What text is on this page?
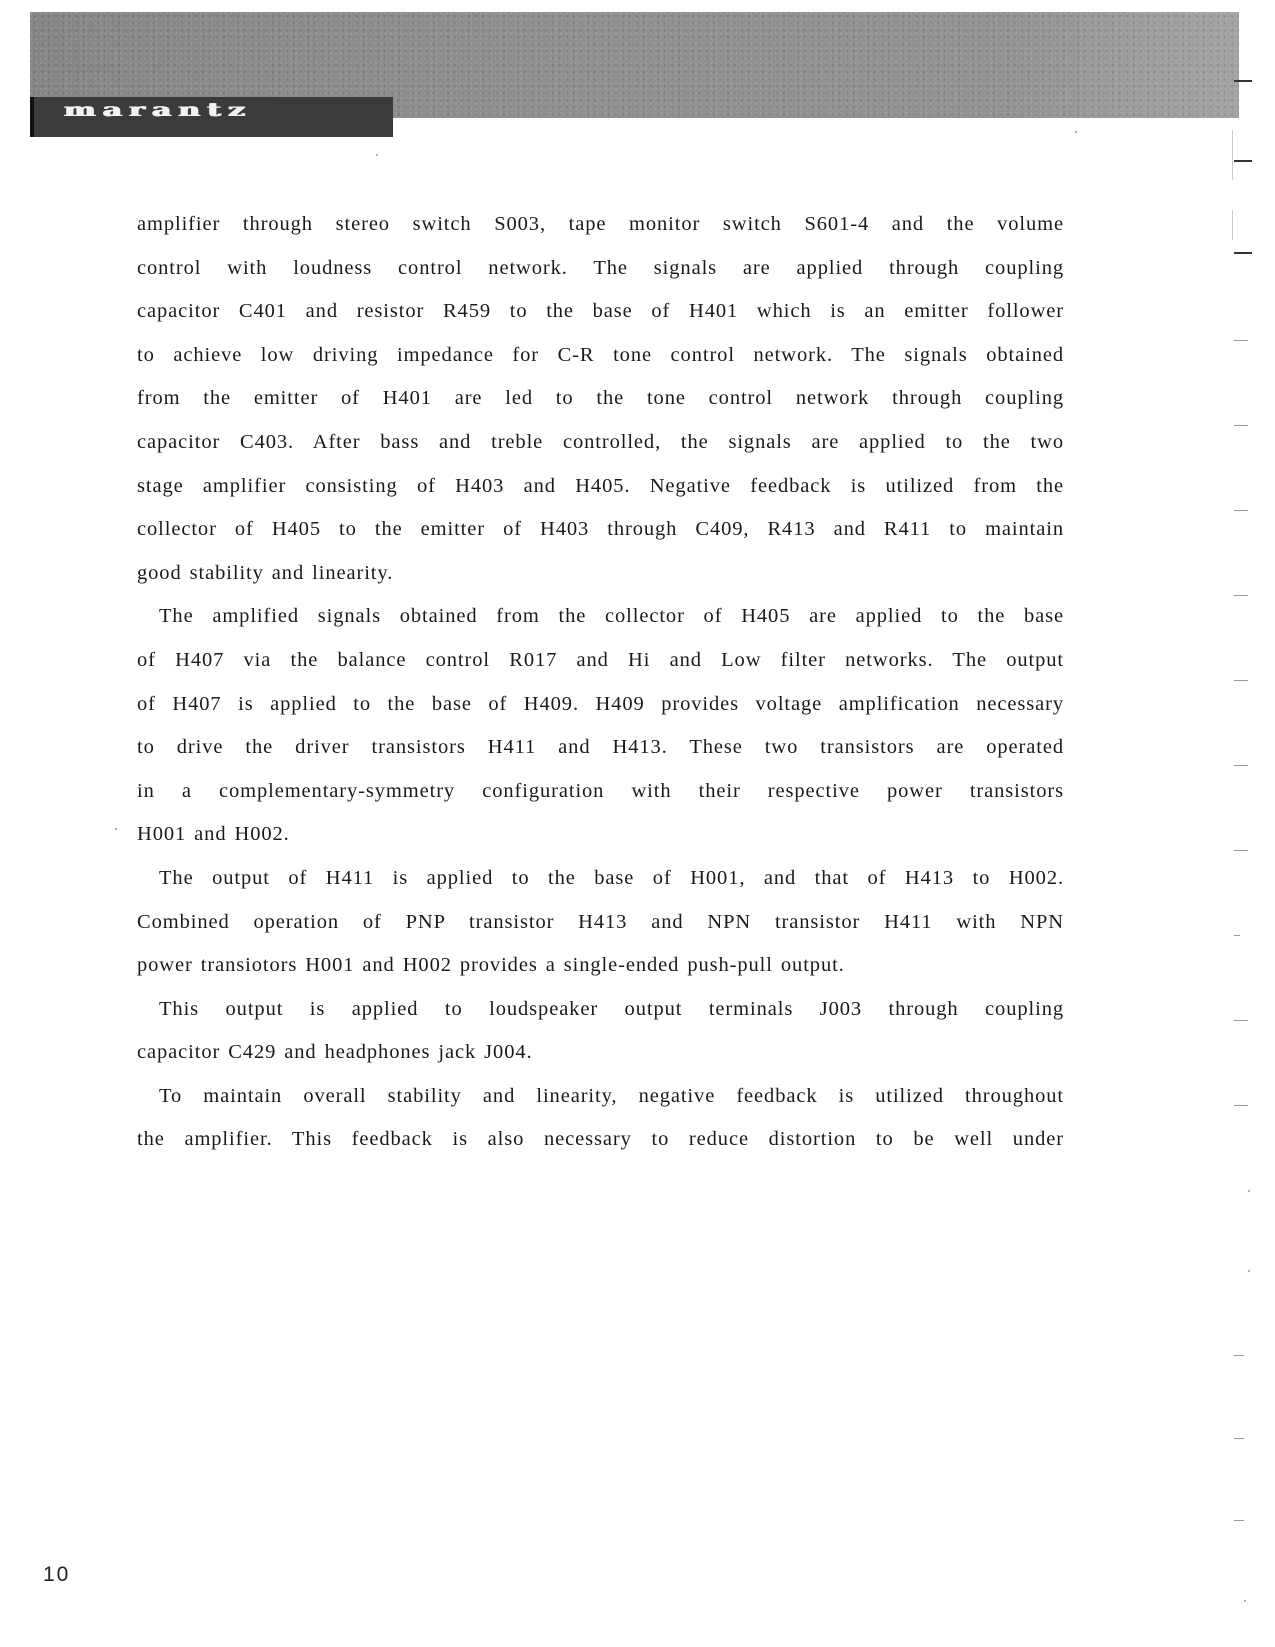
marantz

amplifier through stereo switch S003, tape monitor switch S601-4 and the volume
control with loudness control network. The signals are applied through coupling
capacitor C401 and resistor R459 to the base of H401 which is an emitter follower
to achieve low driving impedance for C-R tone control network. The signals obtained
from the emitter of H401 are led to the tone control network through coupling
capacitor C403. After bass and treble controlled, the signals are applied to the two
stage amplifier consisting of H403 and H405. Negative feedback is utilized from the
collector of H405 to the emitter of H403 through C409, R413 and R411 to maintain
good stability and linearity.

The amplified signals obtained from the collector of H405 are applied to the base
of H407 via the balance control R017 and Hi and Low filter networks. The output
of H407 is applied to the base of H409. H409 provides voltage amplification necessary
to drive the driver transistors H411 and H413. These two transistors are operated
in a complementary-symmetry configuration with their respective power transistors
H001 and H002.

The output of H411 is applied to the base of H001, and that of H413 to H002.
Combined operation of PNP transistor H413 and NPN transistor H411 with NPN
power transiotors H001 and H002 provides a single-ended push-pull output.

This output is applied to loudspeaker output terminals J003 through coupling
capacitor C429 and headphones jack J004.

To maintain overall stability and linearity, negative feedback is utilized throughout
the amplifier. This feedback is also necessary to reduce distortion to be well under

10
